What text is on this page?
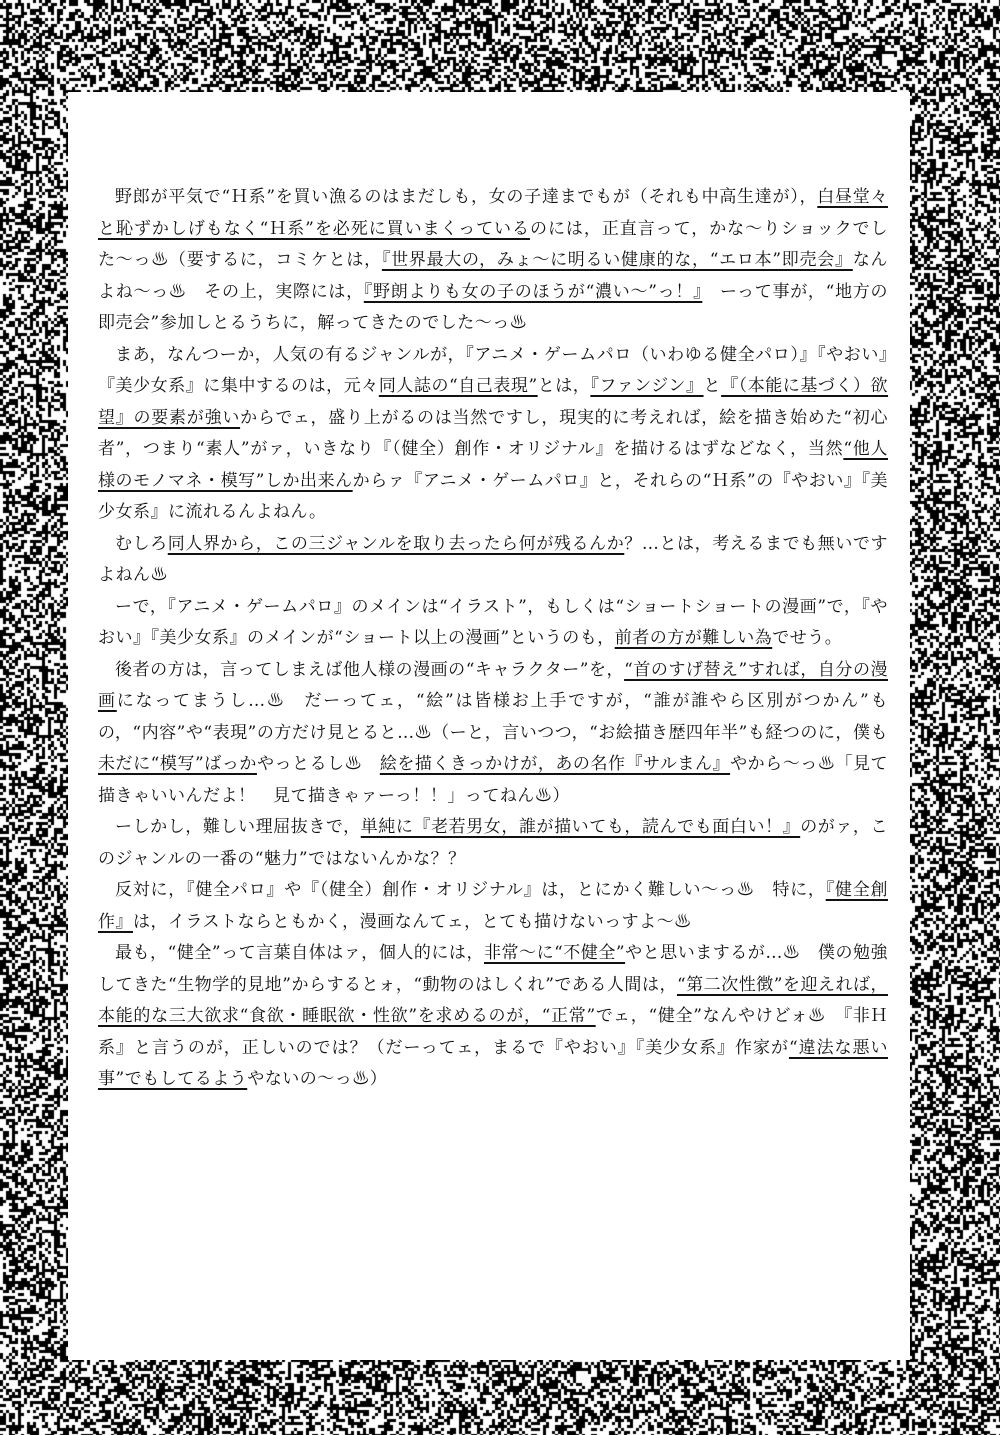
野郎が平気で“Ｈ系”を買い漁るのはまだしも，女の子達までもが（それも中高生達が），白昼堂々と恥ずかしげもなく“Ｈ系”を必死に買いまくっているのには，正直言って，かな〜りショックでした〜っ♨（要するに，コミケとは，『世界最大の，みょ〜に明るい健康的な，“エロ本”即売会』なんよね〜っ♨　その上，実際には，『野朗よりも女の子のほうが“濃い〜”っ！』　ーって事が，“地方の即売会”参加しとるうちに，解ってきたのでした〜っ♨

まあ，なんつーか，人気の有るジャンルが，『アニメ・ゲームパロ（いわゆる健全パロ）』『やおい』『美少女系』に集中するのは，元々同人誌の“自己表現”とは，『ファンジン』と『（本能に基づく）欲望』の要素が強いからでェ，盛り上がるのは当然ですし，現実的に考えれば，絵を描き始めた“初心者”，つまり“素人”がァ，いきなり『（健全）創作・オリジナル』を描けるはずなどなく，当然“他人様のモノマネ・模写”しか出来んからァ『アニメ・ゲームパロ』と，それらの“Ｈ系”の『やおい』『美少女系』に流れるんよねん。

むしろ同人界から，この三ジャンルを取り去ったら何が残るんか？…とは，考えるまでも無いですよねん♨

ーで，『アニメ・ゲームパロ』のメインは“イラスト”，もしくは“ショートショートの漫画”で，『やおい』『美少女系』のメインが“ショート以上の漫画”というのも，前者の方が難しい為でせう。

後者の方は，言ってしまえば他人様の漫画の“キャラクター”を，“首のすげ替え”すれば，自分の漫画になってまうし…♨　だーってェ，“絵”は皆様お上手ですが，“誰が誰やら区別がつかん”もの，“内容”や“表現”の方だけ見とると…♨（ーと，言いつつ，“お絵描き歴四年半”も経つのに，僕も未だに“模写”ばっかやっとるし♨　絵を描くきっかけが，あの名作『サルまん』やから〜っ♨「見て描きゃいいんだよ！　見て描きゃァーっ！！」ってねん♨）

ーしかし，難しい理屈抜きで，単純に『老若男女，誰が描いても，読んでも面白い！』のがァ，このジャンルの一番の“魅力”ではないんかな？？

反対に，『健全パロ』や『（健全）創作・オリジナル』は，とにかく難しい〜っ♨　特に，『健全創作』は，イラストならともかく，漫画なんてェ，とても描けないっすよ〜♨

最も，“健全”って言葉自体はァ，個人的には，非常〜に“不健全”やと思いまするが…♨　僕の勉強してきた“生物学的見地”からするとォ，“動物のはしくれ”である人間は，“第二次性徴”を迎えれば，本能的な三大欲求“食欲・睡眠欲・性欲”を求めるのが，“正常”でェ，“健全”なんやけどォ♨　『非Ｈ系』と言うのが，正しいのでは？（だーってェ，まるで『やおい』『美少女系』作家が“違法な悪い事”でもしてるようやないの〜っ♨）
